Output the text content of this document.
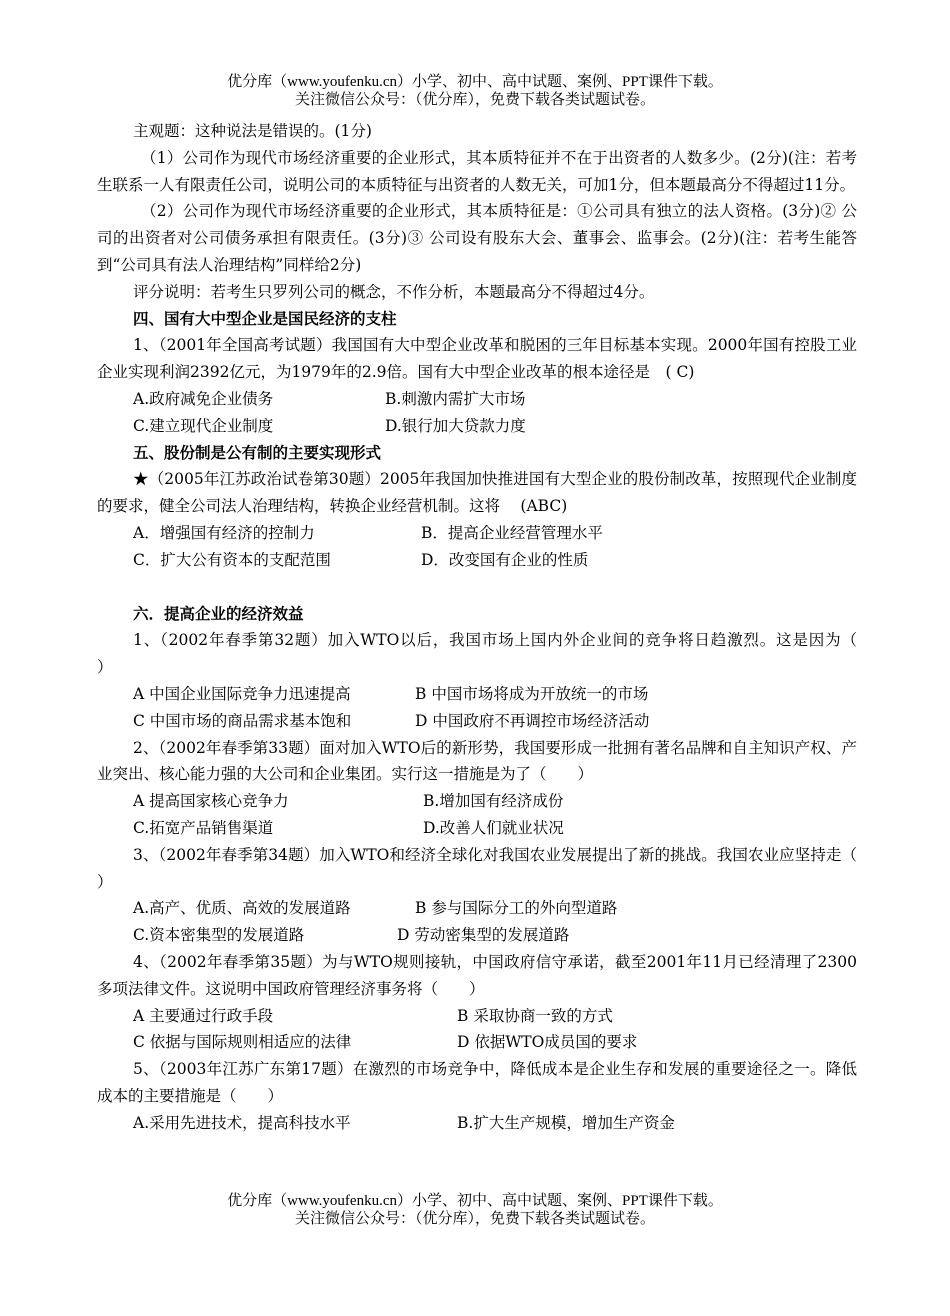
优分库（www.youfenku.cn）小学、初中、高中试题、案例、PPT课件下载。
关注微信公众号：（优分库），免费下载各类试题试卷。

主观题：这种说法是错误的。(1分)

（1）公司作为现代市场经济重要的企业形式，其本质特征并不在于出资者的人数多少。(2分)(注：若考生联系一人有限责任公司，说明公司的本质特征与出资者的人数无关，可加1分，但本题最高分不得超过11分。

（2）公司作为现代市场经济重要的企业形式，其本质特征是：①公司具有独立的法人资格。(3分)② 公司的出资者对公司债务承担有限责任。(3分)③ 公司设有股东大会、董事会、监事会。(2分)(注：若考生能答到“公司具有法人治理结构”同样给2分)

评分说明：若考生只罗列公司的概念，不作分析，本题最高分不得超过4分。

四、国有大中型企业是国民经济的支柱

1、（2001年全国高考试题）我国国有大中型企业改革和脱困的三年目标基本实现。2000年国有控股工业企业实现利润2392亿元，为1979年的2.9倍。国有大中型企业改革的根本途径是　( C)

A.政府减免企业债务	B.刺激内需扩大市场
C.建立现代企业制度	D.银行加大贷款力度

五、股份制是公有制的主要实现形式

★（2005年江苏政治试卷第30题）2005年我国加快推进国有大型企业的股份制改革，按照现代企业制度的要求，健全公司法人治理结构，转换企业经营机制。这将　 (ABC)

A．增强国有经济的控制力	B．提高企业经营管理水平
C．扩大公有资本的支配范围	D．改变国有企业的性质

六．提高企业的经济效益

1、（2002年春季第32题）加入WTO以后，我国市场上国内外企业间的竞争将日趋激烈。这是因为（　　）

A 中国企业国际竞争力迅速提高	B 中国市场将成为开放统一的市场
C 中国市场的商品需求基本饱和	D 中国政府不再调控市场经济活动

2、（2002年春季第33题）面对加入WTO后的新形势，我国要形成一批拥有著名品牌和自主知识产权、产业突出、核心能力强的大公司和企业集团。实行这一措施是为了（　　）

A 提高国家核心竞争力	B.增加国有经济成份
C.拓宽产品销售渠道	D.改善人们就业状况

3、（2002年春季第34题）加入WTO和经济全球化对我国农业发展提出了新的挑战。我国农业应坚持走（　　）

A.高产、优质、高效的发展道路	B 参与国际分工的外向型道路
C.资本密集型的发展道路	D 劳动密集型的发展道路

4、（2002年春季第35题）为与WTO规则接轨，中国政府信守承诺，截至2001年11月已经清理了2300多项法律文件。这说明中国政府管理经济事务将（　　）

A 主要通过行政手段	B 采取协商一致的方式
C 依据与国际规则相适应的法律	D 依据WTO成员国的要求

5、（2003年江苏广东第17题）在激烈的市场竞争中，降低成本是企业生存和发展的重要途径之一。降低成本的主要措施是（　　）

A.采用先进技术，提高科技水平	B.扩大生产规模，增加生产资金
优分库（www.youfenku.cn）小学、初中、高中试题、案例、PPT课件下载。
关注微信公众号：（优分库），免费下载各类试题试卷。
